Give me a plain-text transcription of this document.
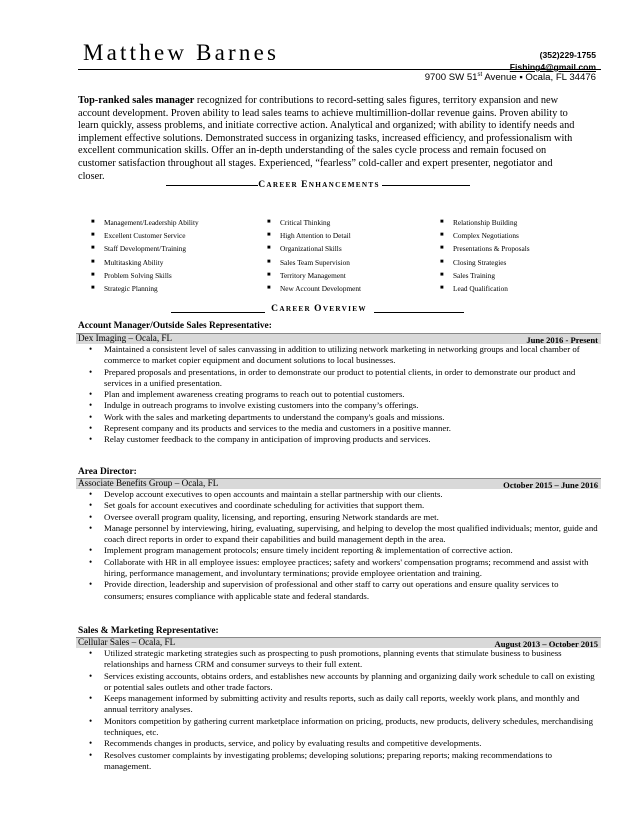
Matthew Barnes	(352)229-1755
Fishing4@gmail.com
9700 SW 51st Avenue ▪ Ocala, FL 34476
Top-ranked sales manager recognized for contributions to record-setting sales figures, territory expansion and new account development. Proven ability to lead sales teams to achieve multimillion-dollar revenue gains. Proven ability to learn quickly, assess problems, and initiate corrective action. Analytical and organized; with ability to identify needs and implement effective solutions. Demonstrated success in organizing tasks, increased efficiency, and professionalism with excellent communication skills. Offer an in-depth understanding of the sales cycle process and remain focused on customer satisfaction throughout all stages. Experienced, “fearless” cold-caller and expert presenter, negotiator and closer.
CAREER ENHANCEMENTS
■ Management/Leadership Ability
■ Excellent Customer Service
■ Staff Development/Training
■ Multitasking Ability
■ Problem Solving Skills
■ Strategic Planning
■ Critical Thinking
■ High Attention to Detail
■ Organizational Skills
■ Sales Team Supervision
■ Territory Management
■ New Account Development
■ Relationship Building
■ Complex Negotiations
■ Presentations & Proposals
■ Closing Strategies
■ Sales Training
■ Lead Qualification
CAREER OVERVIEW
Account Manager/Outside Sales Representative:
Dex Imaging – Ocala, FL	June 2016 - Present
• Maintained a consistent level of sales canvassing in addition to utilizing network marketing in networking groups and local chamber of commerce to market copier equipment and document solutions to local businesses.
• Prepared proposals and presentations, in order to demonstrate our product to potential clients, in order to demonstrate our product and services in a unified presentation.
• Plan and implement awareness creating programs to reach out to potential customers.
• Indulge in outreach programs to involve existing customers into the company’s offerings.
• Work with the sales and marketing departments to understand the company's goals and missions.
• Represent company and its products and services to the media and customers in a positive manner.
• Relay customer feedback to the company in anticipation of improving products and services.
Area Director:
Associate Benefits Group – Ocala, FL	October 2015 – June 2016
• Develop account executives to open accounts and maintain a stellar partnership with our clients.
• Set goals for account executives and coordinate scheduling for activities that support them.
• Oversee overall program quality, licensing, and reporting, ensuring Network standards are met.
• Manage personnel by interviewing, hiring, evaluating, supervising, and helping to develop the most qualified individuals; mentor, guide and coach direct reports in order to expand their capabilities and build management depth in the area.
• Implement program management protocols; ensure timely incident reporting & implementation of corrective action.
• Collaborate with HR in all employee issues: employee practices; safety and workers' compensation programs; recommend and assist with hiring, performance management, and involuntary terminations; provide employee orientation and training.
• Provide direction, leadership and supervision of professional and other staff to carry out operations and ensure quality services to consumers; ensures compliance with applicable state and federal standards.
Sales & Marketing Representative:
Cellular Sales – Ocala, FL	August 2013 – October 2015
• Utilized strategic marketing strategies such as prospecting to push promotions, planning events that stimulate business to business relationships and harness CRM and consumer surveys to their full extent.
• Services existing accounts, obtains orders, and establishes new accounts by planning and organizing daily work schedule to call on existing or potential sales outlets and other trade factors.
• Keeps management informed by submitting activity and results reports, such as daily call reports, weekly work plans, and monthly and annual territory analyses.
• Monitors competition by gathering current marketplace information on pricing, products, new products, delivery schedules, merchandising techniques, etc.
• Recommends changes in products, service, and policy by evaluating results and competitive developments.
• Resolves customer complaints by investigating problems; developing solutions; preparing reports; making recommendations to management.
